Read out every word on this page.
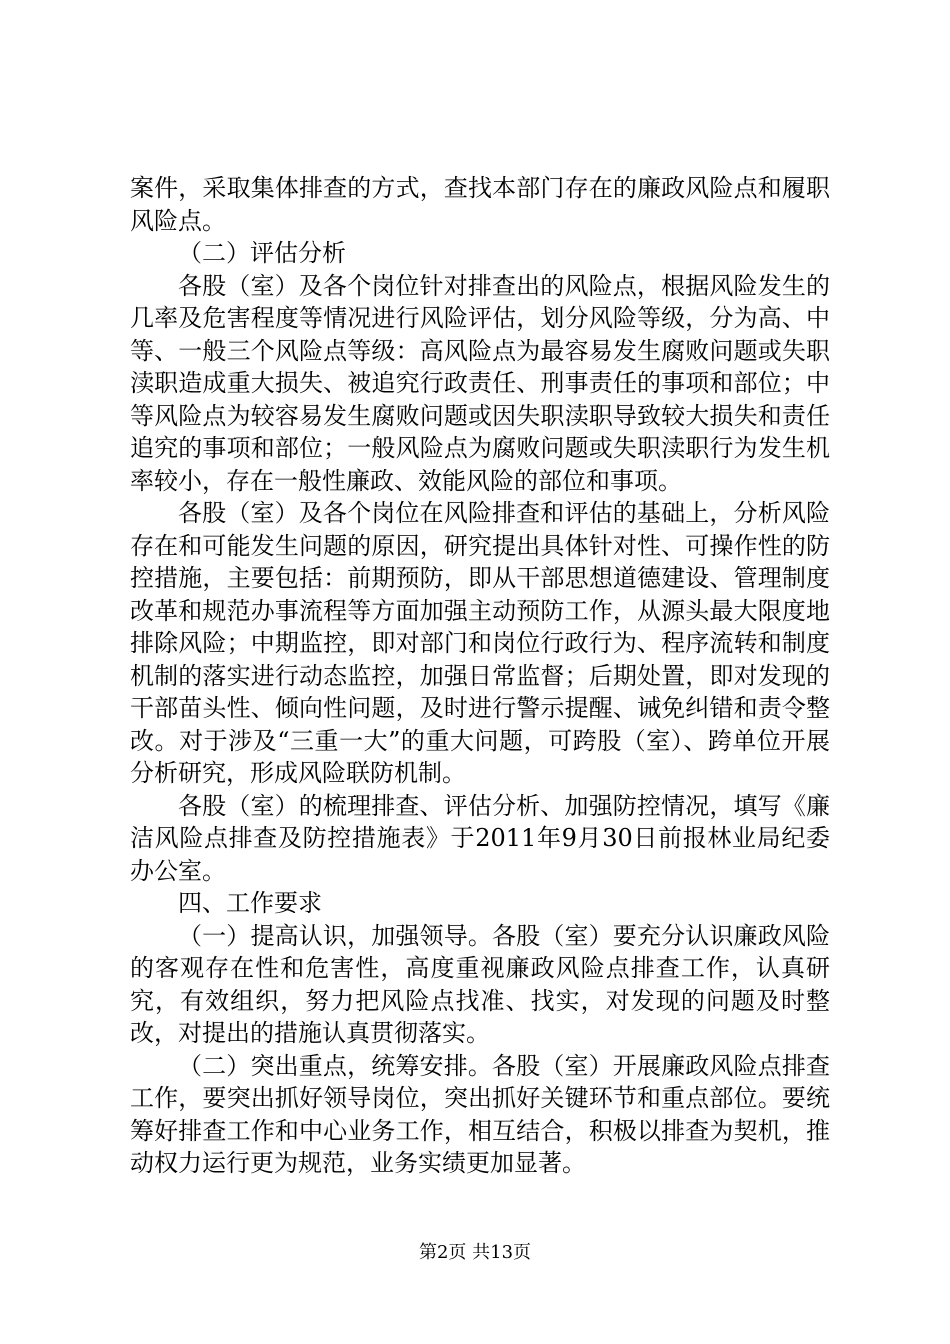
案件，采取集体排查的方式，查找本部门存在的廉政风险点和履职风险点。

（二）评估分析

各股（室）及各个岗位针对排查出的风险点，根据风险发生的几率及危害程度等情况进行风险评估，划分风险等级，分为高、中等、一般三个风险点等级：高风险点为最容易发生腐败问题或失职渎职造成重大损失、被追究行政责任、刑事责任的事项和部位；中等风险点为较容易发生腐败问题或因失职渎职导致较大损失和责任追究的事项和部位；一般风险点为腐败问题或失职渎职行为发生机率较小，存在一般性廉政、效能风险的部位和事项。

各股（室）及各个岗位在风险排查和评估的基础上，分析风险存在和可能发生问题的原因，研究提出具体针对性、可操作性的防控措施，主要包括：前期预防，即从干部思想道德建设、管理制度改革和规范办事流程等方面加强主动预防工作，从源头最大限度地排除风险；中期监控，即对部门和岗位行政行为、程序流转和制度机制的落实进行动态监控，加强日常监督；后期处置，即对发现的干部苗头性、倾向性问题，及时进行警示提醒、诫免纠错和责令整改。对于涉及“三重一大”的重大问题，可跨股（室）、跨单位开展分析研究，形成风险联防机制。

各股（室）的梳理排查、评估分析、加强防控情况，填写《廉洁风险点排查及防控措施表》于2011年9月30日前报林业局纪委办公室。

四、工作要求

（一）提高认识，加强领导。各股（室）要充分认识廉政风险的客观存在性和危害性，高度重视廉政风险点排查工作，认真研究，有效组织，努力把风险点找准、找实，对发现的问题及时整改，对提出的措施认真贯彻落实。

（二）突出重点，统筹安排。各股（室）开展廉政风险点排查工作，要突出抓好领导岗位，突出抓好关键环节和重点部位。要统筹好排查工作和中心业务工作，相互结合，积极以排查为契机，推动权力运行更为规范，业务实绩更加显著。

第2页 共13页
